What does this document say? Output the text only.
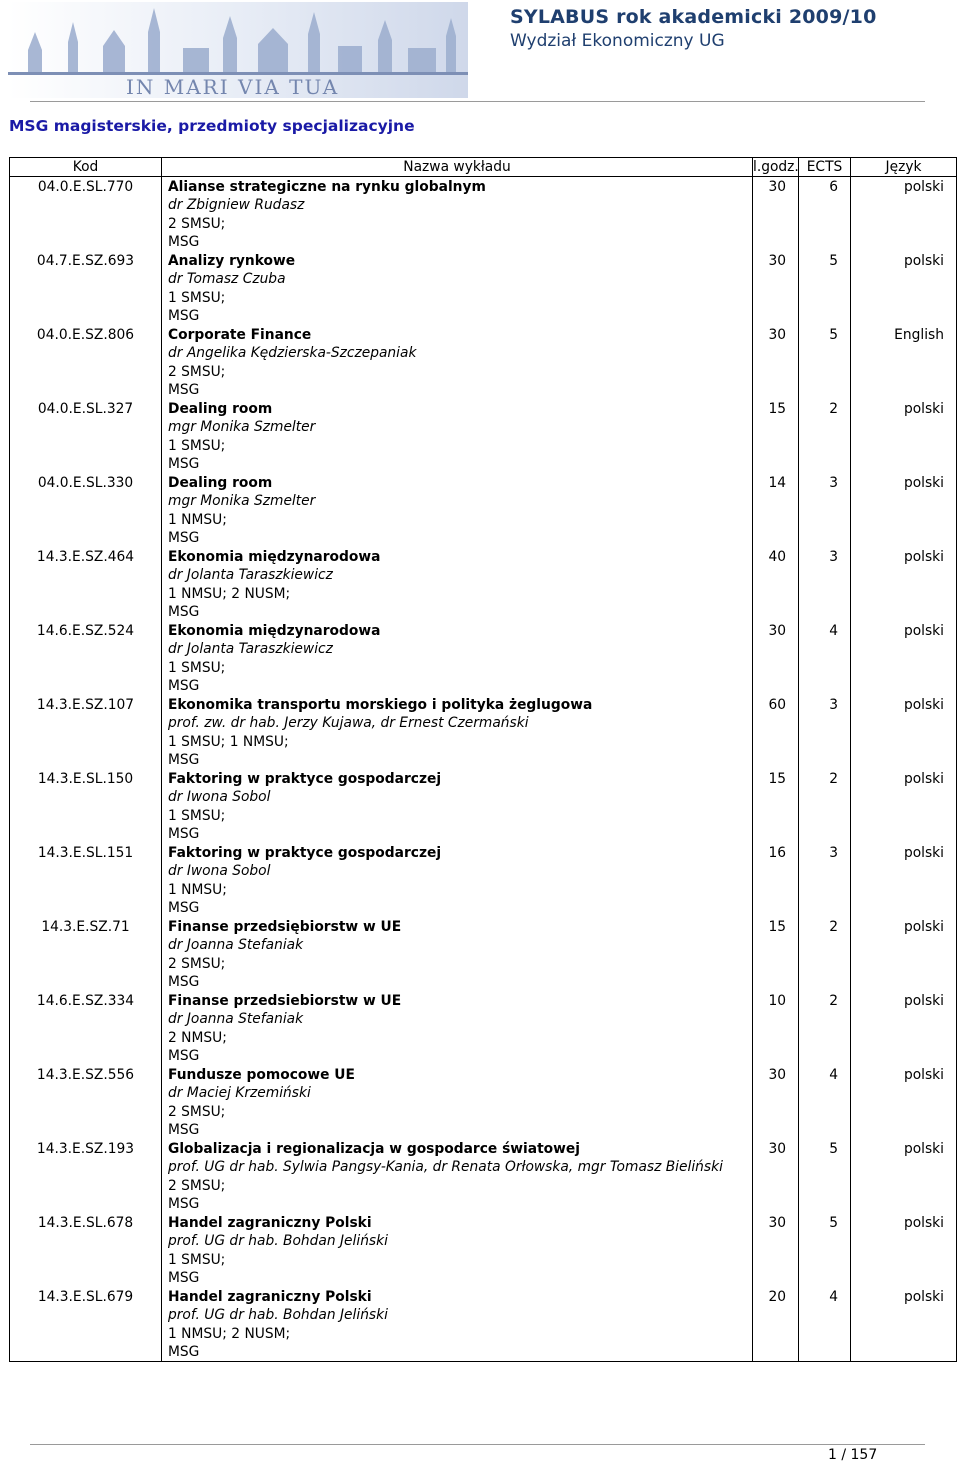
IN MARI VIA TUA
SYLABUS rok akademicki 2009/10
Wydział Ekonomiczny UG
MSG magisterskie, przedmioty specjalizacyjne
Kod	Nazwa wykładu	l.godz.	ECTS	Język
04.0.E.SL.770	Alianse strategiczne na rynku globalnym
dr Zbigniew Rudasz
2 SMSU;
MSG	30	6	polski
04.7.E.SZ.693	Analizy rynkowe
dr Tomasz Czuba
1 SMSU;
MSG	30	5	polski
04.0.E.SZ.806	Corporate Finance
dr Angelika Kędzierska-Szczepaniak
2 SMSU;
MSG	30	5	English
04.0.E.SL.327	Dealing room
mgr Monika Szmelter
1 SMSU;
MSG	15	2	polski
04.0.E.SL.330	Dealing room
mgr Monika Szmelter
1 NMSU;
MSG	14	3	polski
14.3.E.SZ.464	Ekonomia międzynarodowa
dr Jolanta Taraszkiewicz
1 NMSU; 2 NUSM;
MSG	40	3	polski
14.6.E.SZ.524	Ekonomia międzynarodowa
dr Jolanta Taraszkiewicz
1 SMSU;
MSG	30	4	polski
14.3.E.SZ.107	Ekonomika transportu morskiego i polityka żeglugowa
prof. zw. dr hab. Jerzy Kujawa, dr Ernest Czermański
1 SMSU; 1 NMSU;
MSG	60	3	polski
14.3.E.SL.150	Faktoring w praktyce gospodarczej
dr Iwona Sobol
1 SMSU;
MSG	15	2	polski
14.3.E.SL.151	Faktoring w praktyce gospodarczej
dr Iwona Sobol
1 NMSU;
MSG	16	3	polski
14.3.E.SZ.71	Finanse przedsiębiorstw w UE
dr Joanna Stefaniak
2 SMSU;
MSG	15	2	polski
14.6.E.SZ.334	Finanse przedsiebiorstw w UE
dr Joanna Stefaniak
2 NMSU;
MSG	10	2	polski
14.3.E.SZ.556	Fundusze pomocowe UE
dr Maciej Krzemiński
2 SMSU;
MSG	30	4	polski
14.3.E.SZ.193	Globalizacja i regionalizacja w gospodarce światowej
prof. UG dr hab. Sylwia Pangsy-Kania, dr Renata Orłowska, mgr Tomasz Bieliński
2 SMSU;
MSG	30	5	polski
14.3.E.SL.678	Handel zagraniczny Polski
prof. UG dr hab. Bohdan Jeliński
1 SMSU;
MSG	30	5	polski
14.3.E.SL.679	Handel zagraniczny Polski
prof. UG dr hab. Bohdan Jeliński
1 NMSU; 2 NUSM;
MSG	20	4	polski
1 / 157
